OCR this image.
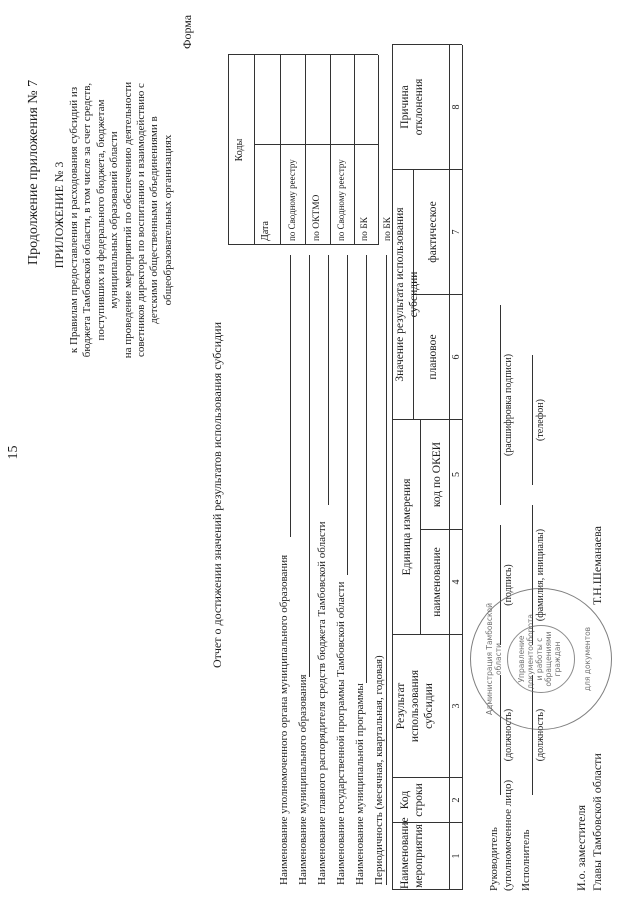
15
Продолжение приложения № 7 ПРИЛОЖЕНИЕ № 3 к Правилам предоставления и расходования субсидий из бюджета Тамбовской области, в том числе за счет средств, поступивших из федерального бюджета, бюджетам муниципальных образований области на проведение мероприятий по обеспечению деятельности советников директора по воспитанию и взаимодействию с детскими общественными объединениями в общеобразовательных организациях
Форма
Отчет о достижении значений результатов использования субсидии
Наименование уполномоченного органа муниципального образования Наименование муниципального образования Наименование главного распорядителя средств бюджета Тамбовской области Наименование государственной программы Тамбовской области Наименование муниципальной программы Периодичность (месячная, квартальная, годовая)
Коды
Дата по Сводному реестру по ОКТМО по Сводному реестру по БК по БК
Наименование мероприятия
Код строки
Результат использования субсидии
Единица измерения
наименование
код по ОКЕИ
Значение результата использования субсидии
плановое
фактическое
Причина отклонения
1
2
3
4
5
6
7
8
Руководитель (уполномоченное лицо)
(должность)
(подпись)
(расшифровка подписи)
Исполнитель
(должность)
(фамилия, инициалы)
(телефон)
Администрация Тамбовской области Управление документооборота и работы с обращениями граждан	для документов
И.о. заместителя Главы Тамбовской области
Т.Н.Шеманаева
